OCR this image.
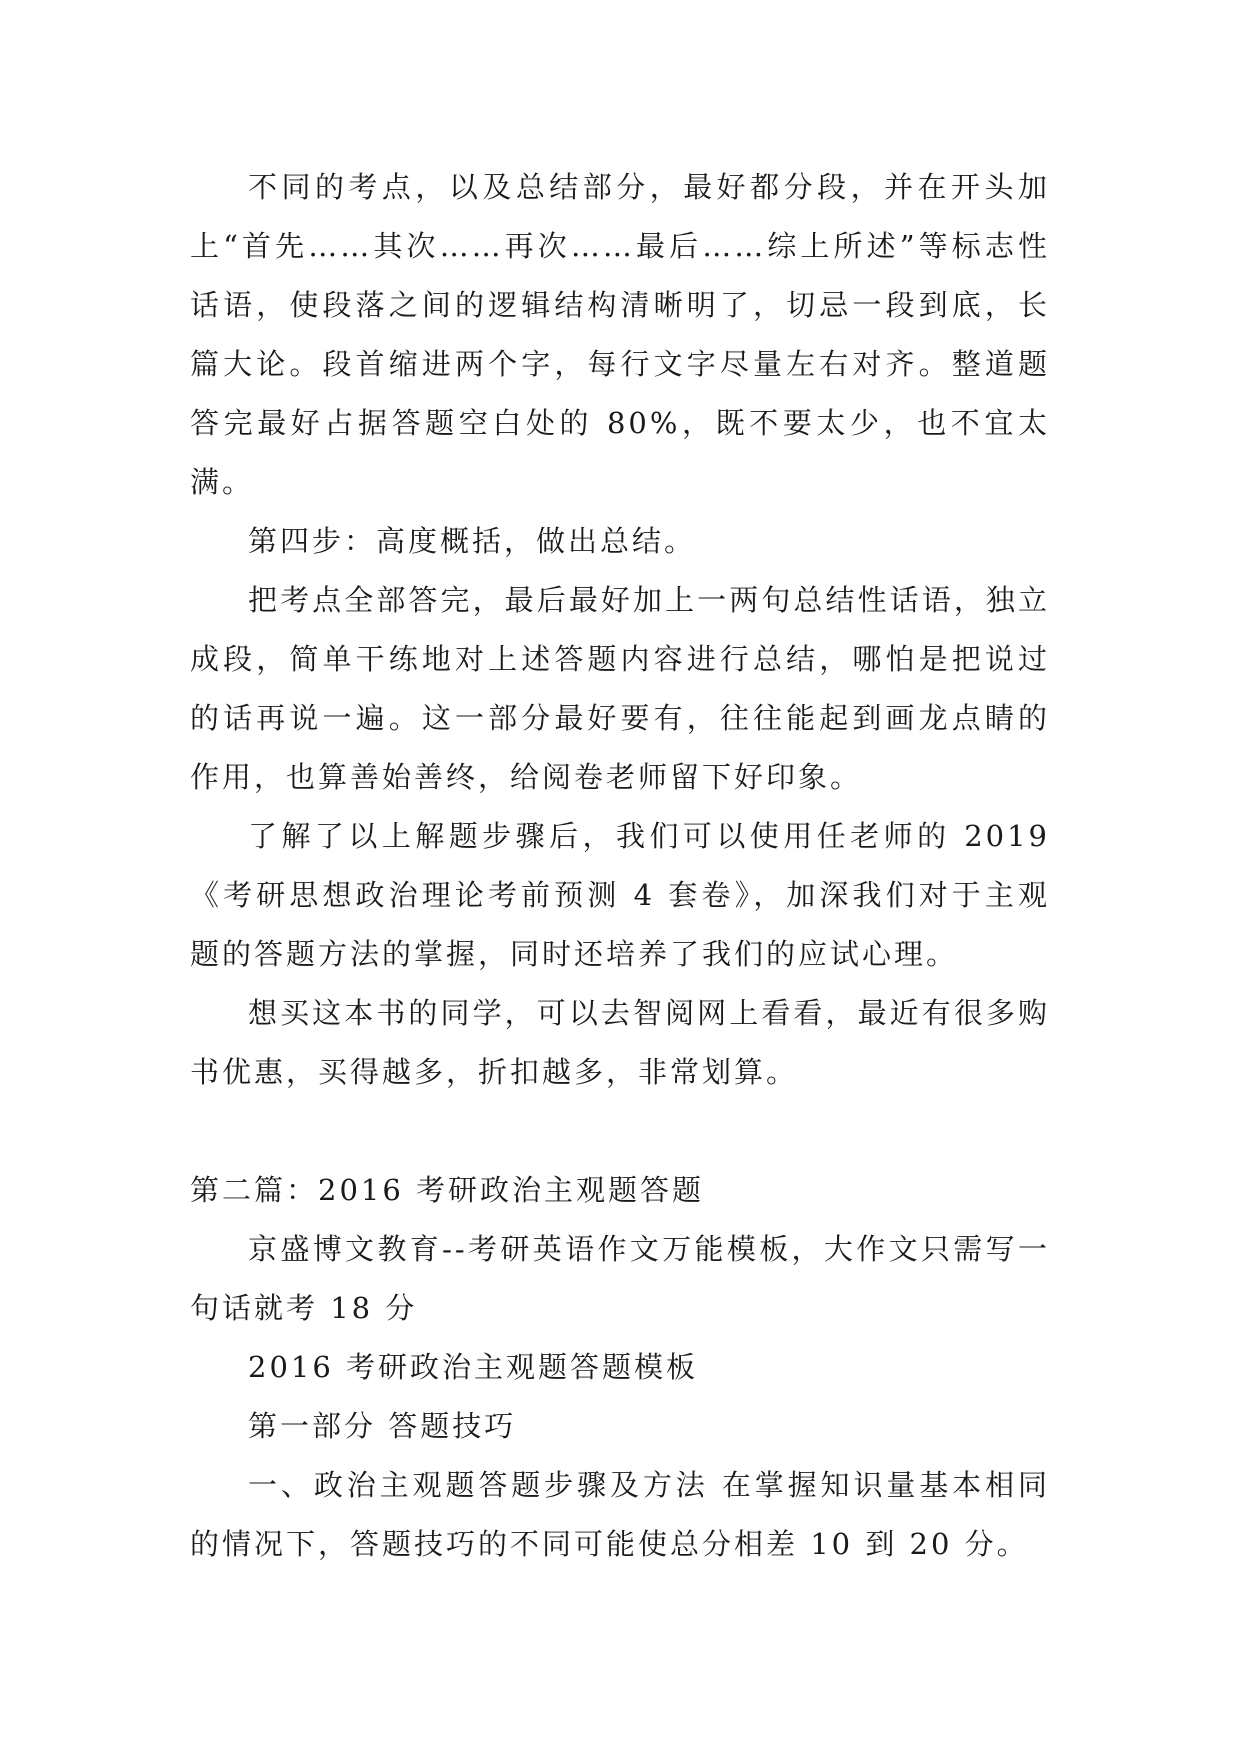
不同的考点，以及总结部分，最好都分段，并在开头加上“首先……其次……再次……最后……综上所述”等标志性话语，使段落之间的逻辑结构清晰明了，切忌一段到底，长篇大论。段首缩进两个字，每行文字尽量左右对齐。整道题答完最好占据答题空白处的 80%，既不要太少，也不宜太满。

第四步：高度概括，做出总结。

把考点全部答完，最后最好加上一两句总结性话语，独立成段，简单干练地对上述答题内容进行总结，哪怕是把说过的话再说一遍。这一部分最好要有，往往能起到画龙点睛的作用，也算善始善终，给阅卷老师留下好印象。

了解了以上解题步骤后，我们可以使用任老师的 2019《考研思想政治理论考前预测 4 套卷》，加深我们对于主观题的答题方法的掌握，同时还培养了我们的应试心理。

想买这本书的同学，可以去智阅网上看看，最近有很多购书优惠，买得越多，折扣越多，非常划算。

第二篇：2016 考研政治主观题答题

京盛博文教育--考研英语作文万能模板，大作文只需写一句话就考 18 分

2016 考研政治主观题答题模板

第一部分 答题技巧

一、政治主观题答题步骤及方法 在掌握知识量基本相同的情况下，答题技巧的不同可能使总分相差 10 到 20 分。
